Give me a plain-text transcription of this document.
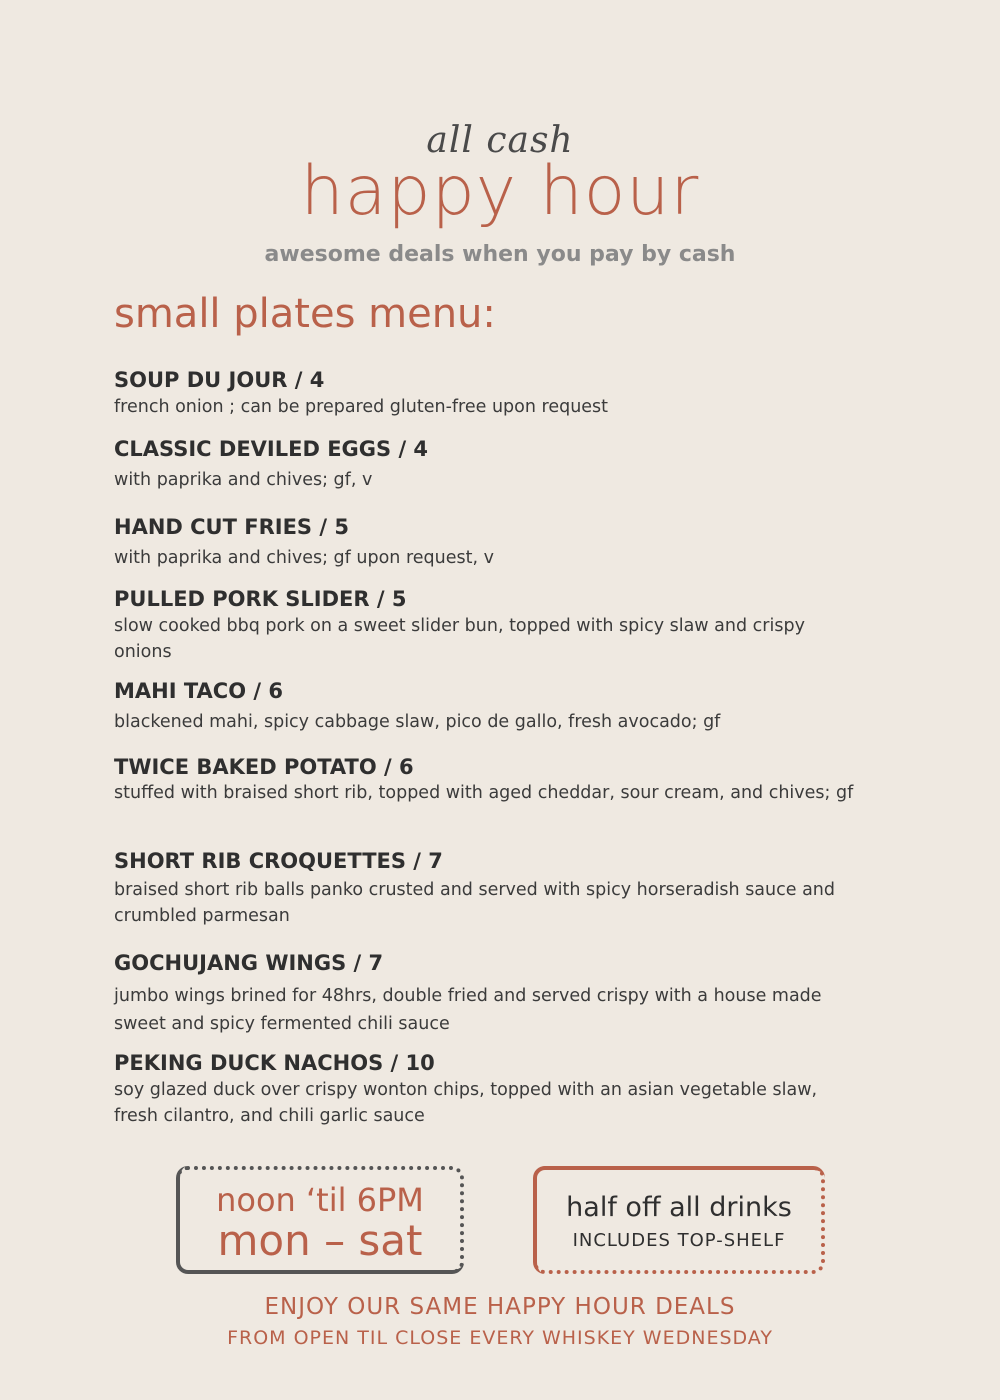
all cash
happy hour
awesome deals when you pay by cash
small plates menu:
SOUP DU JOUR / 4
french onion ; can be prepared gluten-free upon request
CLASSIC DEVILED EGGS / 4
with paprika and chives; gf, v
HAND CUT FRIES / 5
with paprika and chives; gf upon request, v
PULLED PORK SLIDER / 5
slow cooked bbq pork on a sweet slider bun, topped with spicy slaw and crispy onions
MAHI TACO / 6
blackened mahi, spicy cabbage slaw, pico de gallo, fresh avocado; gf
TWICE BAKED POTATO / 6
stuffed with braised short rib, topped with aged cheddar, sour cream, and chives; gf
SHORT RIB CROQUETTES / 7
braised short rib balls panko crusted and served with spicy horseradish sauce and crumbled parmesan
GOCHUJANG WINGS / 7
jumbo wings brined for 48hrs, double fried and served crispy with a house made sweet and spicy fermented chili sauce
PEKING DUCK NACHOS / 10
soy glazed duck over crispy wonton chips, topped with an asian vegetable slaw, fresh cilantro, and chili garlic sauce
noon ‘til 6PM
mon – sat
half off all drinks
INCLUDES TOP-SHELF
ENJOY OUR SAME HAPPY HOUR DEALS
FROM OPEN TIL CLOSE EVERY WHISKEY WEDNESDAY
